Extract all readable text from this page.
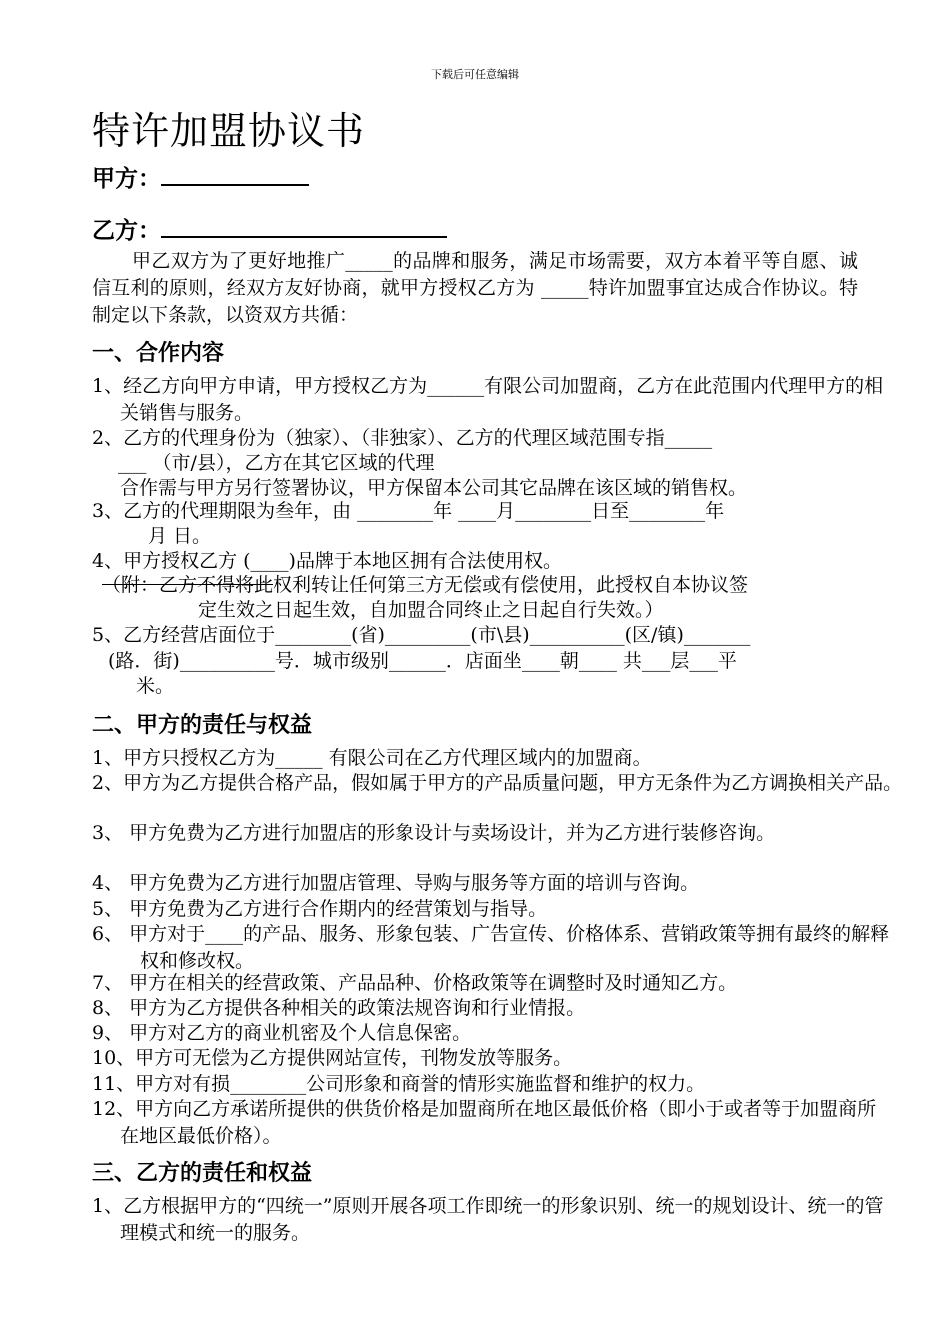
下载后可任意编辑
特许加盟协议书
甲方：
乙方：
甲乙双方为了更好地推广_____的品牌和服务，满足市场需要，双方本着平等自愿、诚信互利的原则，经双方友好协商，就甲方授权乙方为 _____特许加盟事宜达成合作协议。特制定以下条款，以资双方共循：
一、合作内容
1、经乙方向甲方申请，甲方授权乙方为______有限公司加盟商，乙方在此范围内代理甲方的相关销售与服务。
2、乙方的代理身份为（独家）、（非独家）、乙方的代理区域范围专指_____
___ （市/县），乙方在其它区域的代理
合作需与甲方另行签署协议，甲方保留本公司其它品牌在该区域的销售权。
3、乙方的代理期限为叁年，由 ________年 ____月________日至________年
月 日。
4、甲方授权乙方 (____)品牌于本地区拥有合法使用权。
（附：乙方不得将此权利转让任何第三方无偿或有偿使用，此授权自本协议签
定生效之日起生效，自加盟合同终止之日起自行失效。）
5、乙方经营店面位于________(省)_________(市\县)__________(区/镇)_______
(路．街)__________号．城市级别______．店面坐____朝____ 共___层___平
米。
二、甲方的责任与权益
1、甲方只授权乙方为_____ 有限公司在乙方代理区域内的加盟商。
2、甲方为乙方提供合格产品，假如属于甲方的产品质量问题，甲方无条件为乙方调换相关产品。
3、 甲方免费为乙方进行加盟店的形象设计与卖场设计，并为乙方进行装修咨询。
4、 甲方免费为乙方进行加盟店管理、导购与服务等方面的培训与咨询。
5、 甲方免费为乙方进行合作期内的经营策划与指导。
6、 甲方对于____的产品、服务、形象包装、广告宣传、价格体系、营销政策等拥有最终的解释权和修改权。
7、 甲方在相关的经营政策、产品品种、价格政策等在调整时及时通知乙方。
8、 甲方为乙方提供各种相关的政策法规咨询和行业情报。
9、 甲方对乙方的商业机密及个人信息保密。
10、甲方可无偿为乙方提供网站宣传，刊物发放等服务。
11、甲方对有损________公司形象和商誉的情形实施监督和维护的权力。
12、甲方向乙方承诺所提供的供货价格是加盟商所在地区最低价格（即小于或者等于加盟商所在地区最低价格）。
三、乙方的责任和权益
1、乙方根据甲方的“四统一”原则开展各项工作即统一的形象识别、统一的规划设计、统一的管理模式和统一的服务。
